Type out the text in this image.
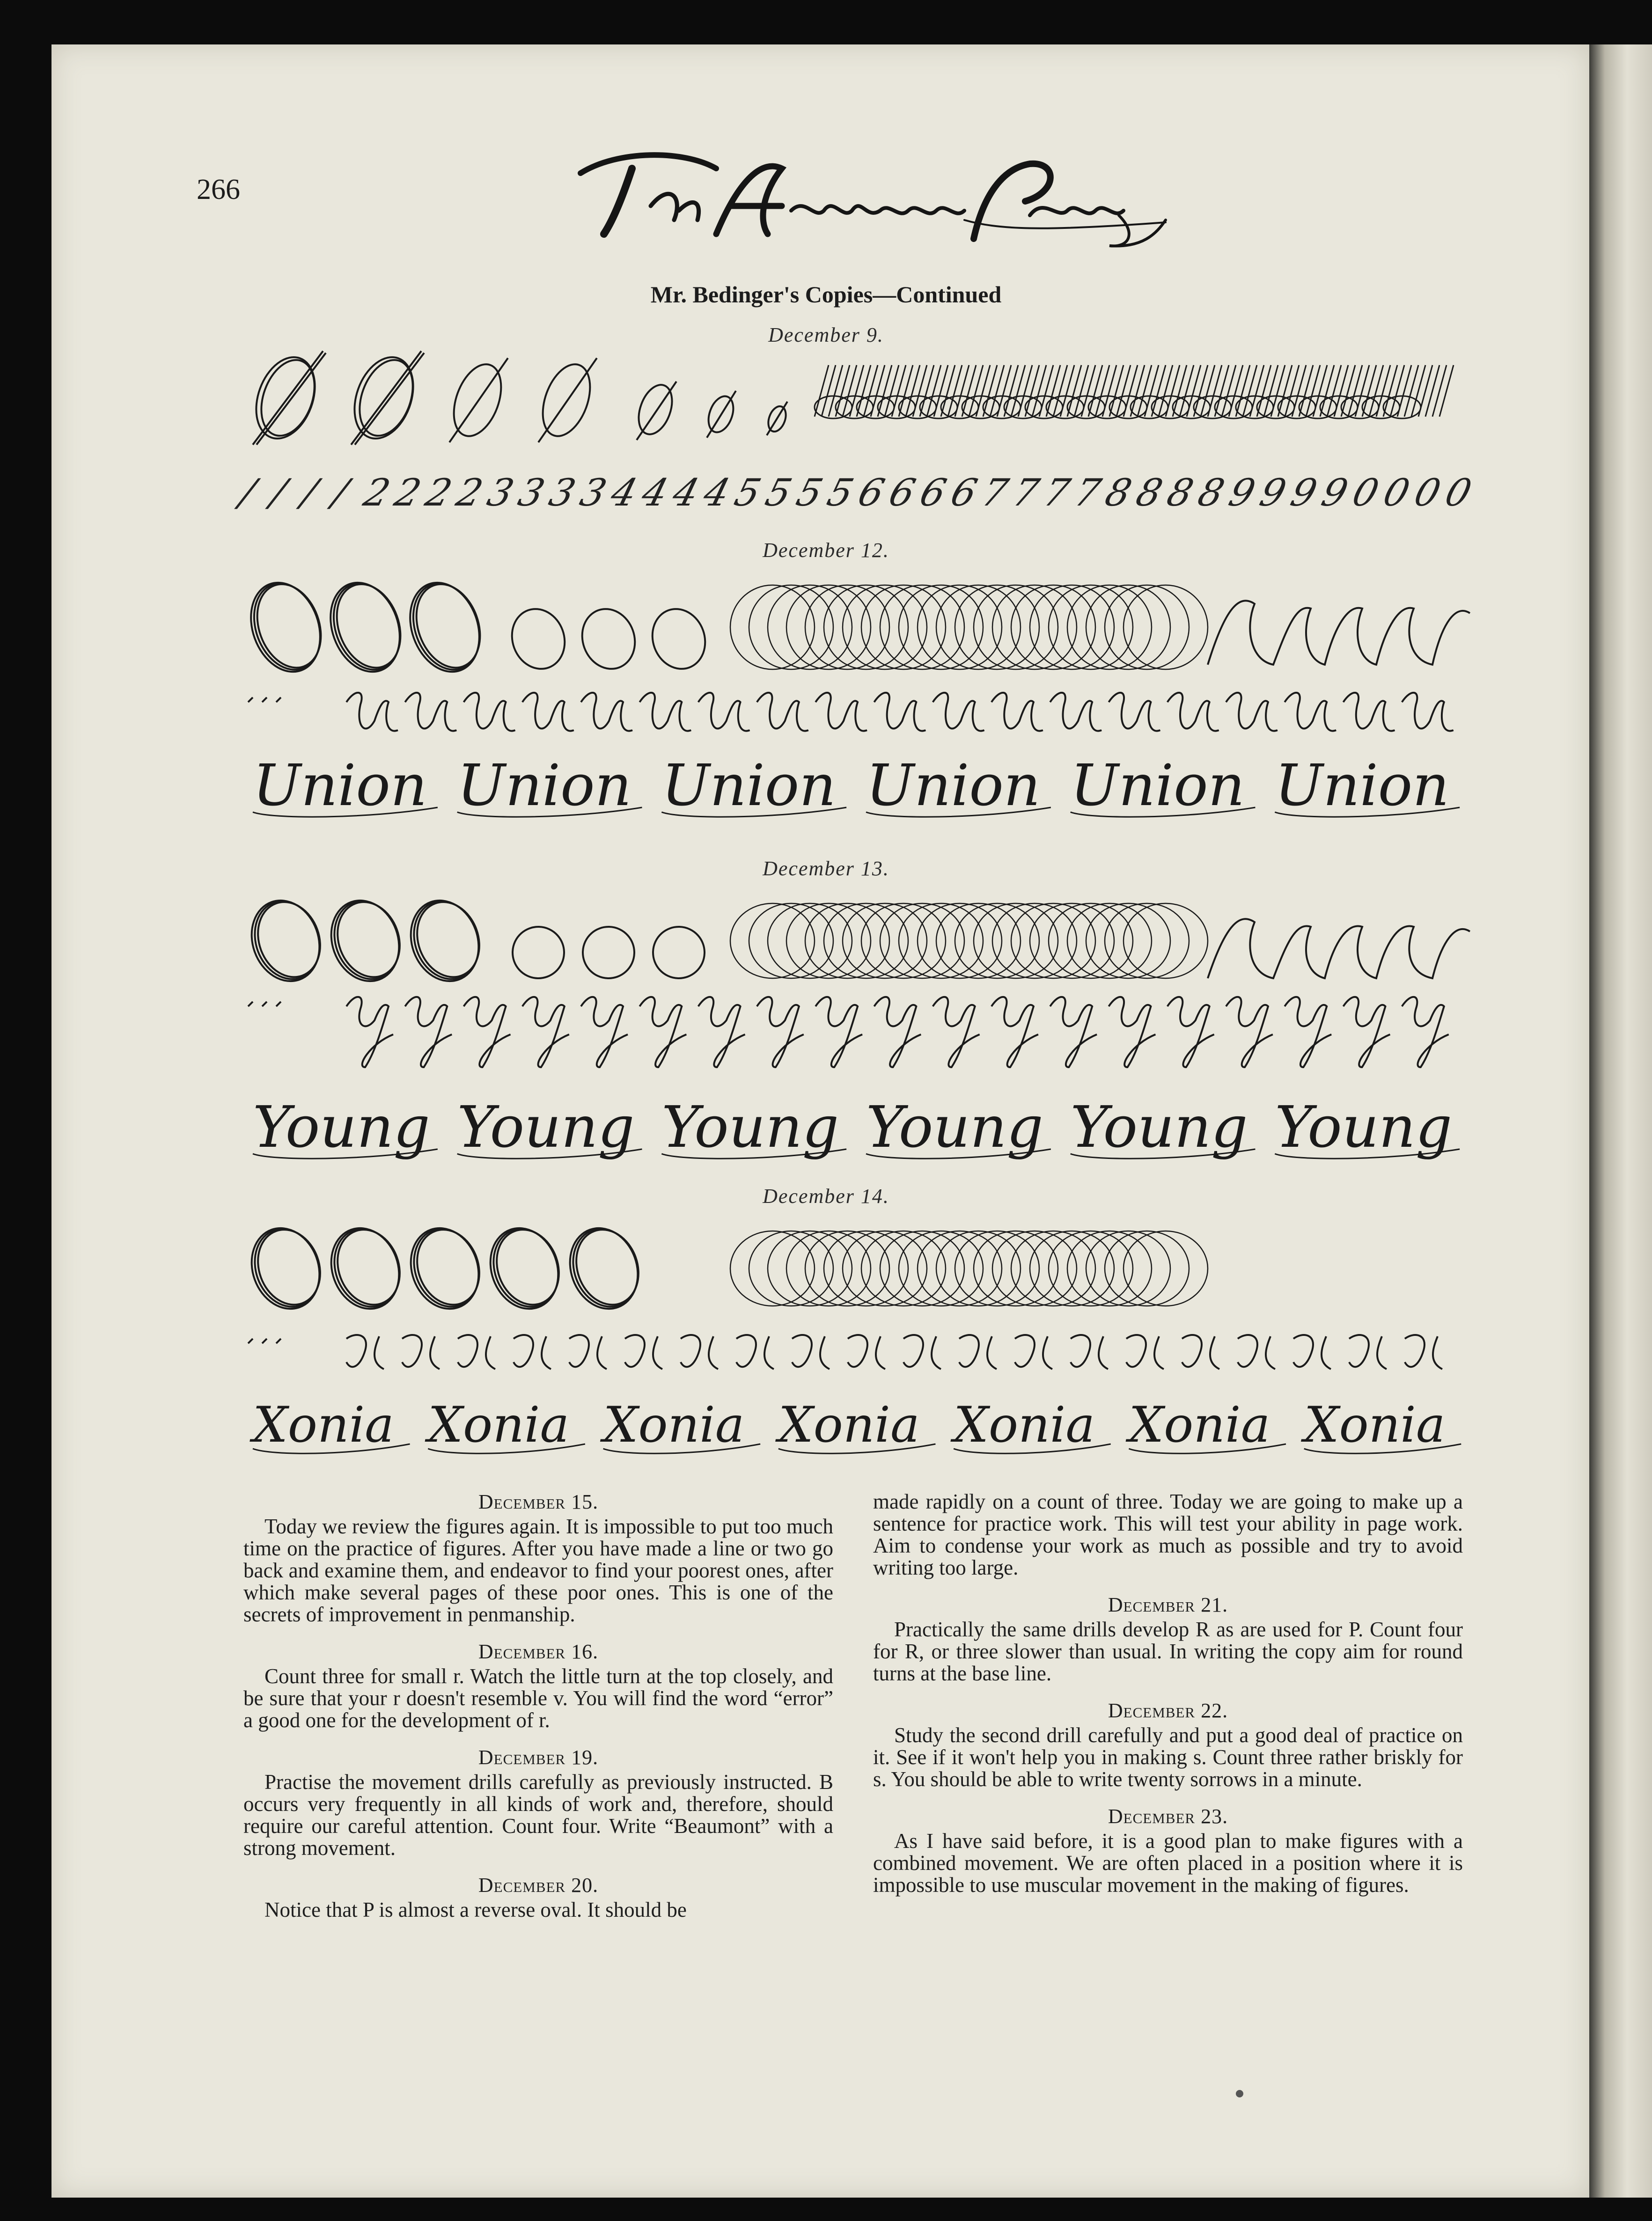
266
Mr. Bedinger's Copies—Continued
December 9.
/ / / / 2
2
2
2
3
3
3
3
4
4
4
4
5
5
5
5
6
6
6
6
7
7
7
7
8
8
8
8
9
9
9
9
0
0
0
0
December 12.
Union Union Union Union Union Union
December 13.
Young Young Young Young Young Young
December 14.
Xonia Xonia Xonia Xonia Xonia Xonia Xonia
December 15.

Today we review the figures again. It is impossible to put too much time on the practice of figures. After you have made a line or two go back and examine them, and endeavor to find your poorest ones, after which make several pages of these poor ones. This is one of the secrets of improvement in penmanship.

December 16.

Count three for small r. Watch the little turn at the top closely, and be sure that your r doesn't resemble v. You will find the word “error” a good one for the development of r.

December 19.

Practise the movement drills carefully as previously instructed. B occurs very frequently in all kinds of work and, therefore, should require our careful attention. Count four. Write “Beaumont” with a strong movement.

December 20.

Notice that P is almost a reverse oval. It should be

made rapidly on a count of three. Today we are going to make up a sentence for practice work. This will test your ability in page work. Aim to condense your work as much as possible and try to avoid writing too large.

December 21.

Practically the same drills develop R as are used for P. Count four for R, or three slower than usual. In writing the copy aim for round turns at the base line.

December 22.

Study the second drill carefully and put a good deal of practice on it. See if it won't help you in making s. Count three rather briskly for s. You should be able to write twenty sorrows in a minute.

December 23.

As I have said before, it is a good plan to make figures with a combined movement. We are often placed in a position where it is impossible to use muscular movement in the making of figures.
